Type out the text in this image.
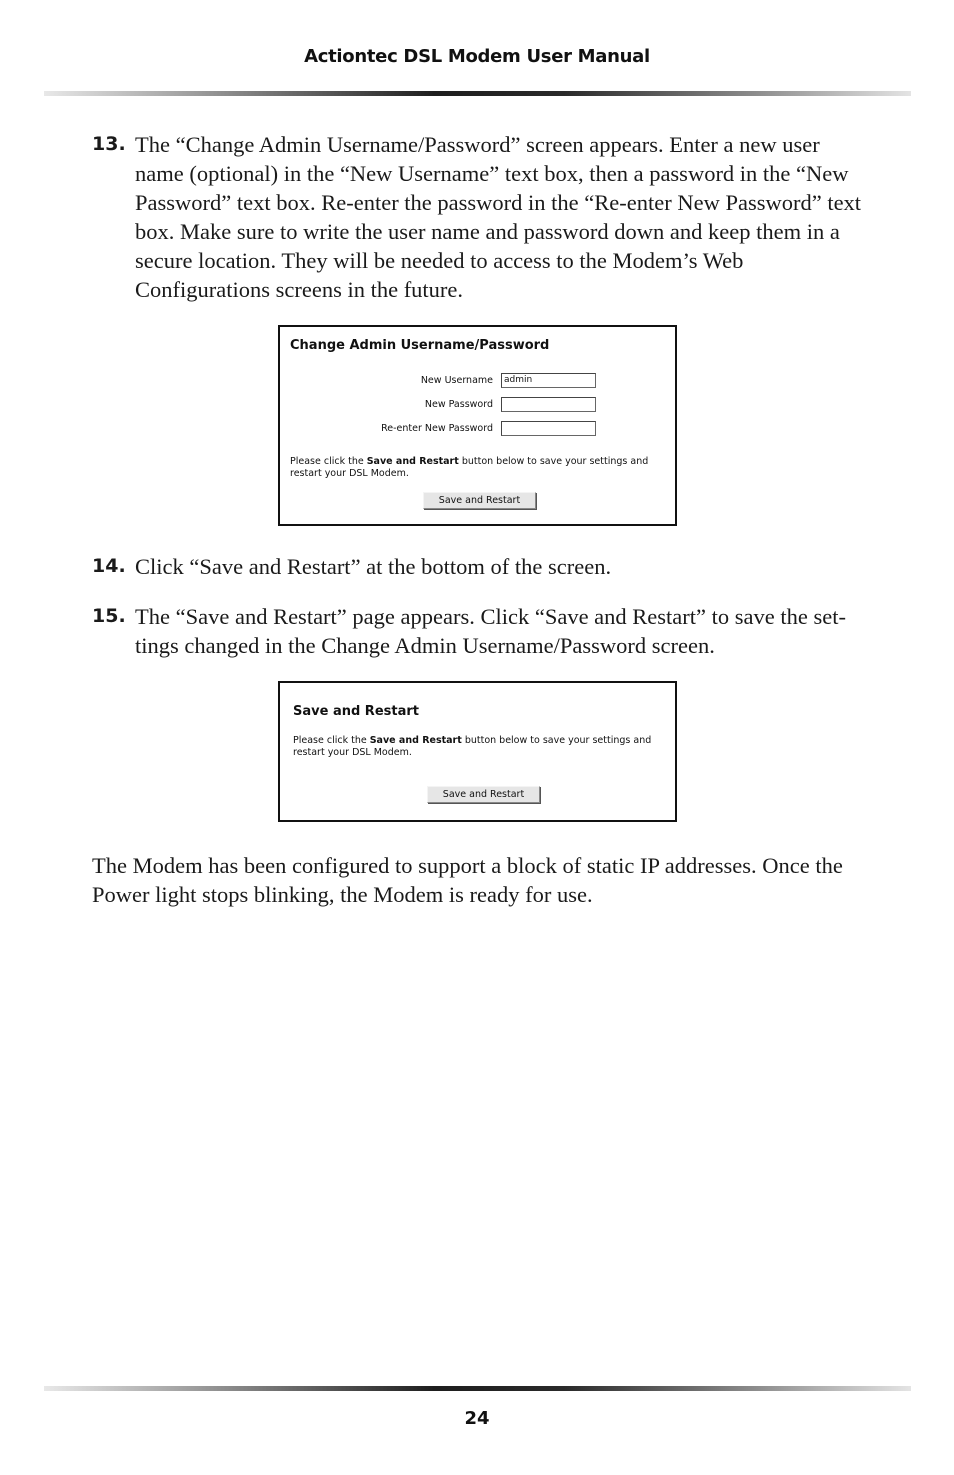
Actiontec DSL Modem User Manual
13. The “Change Admin Username/Password” screen appears. Enter a new user name (optional) in the “New Username” text box, then a password in the “New Password” text box. Re-enter the password in the “Re-enter New Password” text box. Make sure to write the user name and password down and keep them in a secure location. They will be needed to access to the Modem’s Web Configurations screens in the future.
Change Admin Username/Password
New Username	admin
New Password
Re-enter New Password
Please click the Save and Restart button below to save your settings and restart your DSL Modem.
Save and Restart
14. Click “Save and Restart” at the bottom of the screen.
15. The “Save and Restart” page appears. Click “Save and Restart” to save the set- tings changed in the Change Admin Username/Password screen.
Save and Restart
Please click the Save and Restart button below to save your settings and restart your DSL Modem.
Save and Restart
The Modem has been configured to support a block of static IP addresses. Once the Power light stops blinking, the Modem is ready for use.
24
